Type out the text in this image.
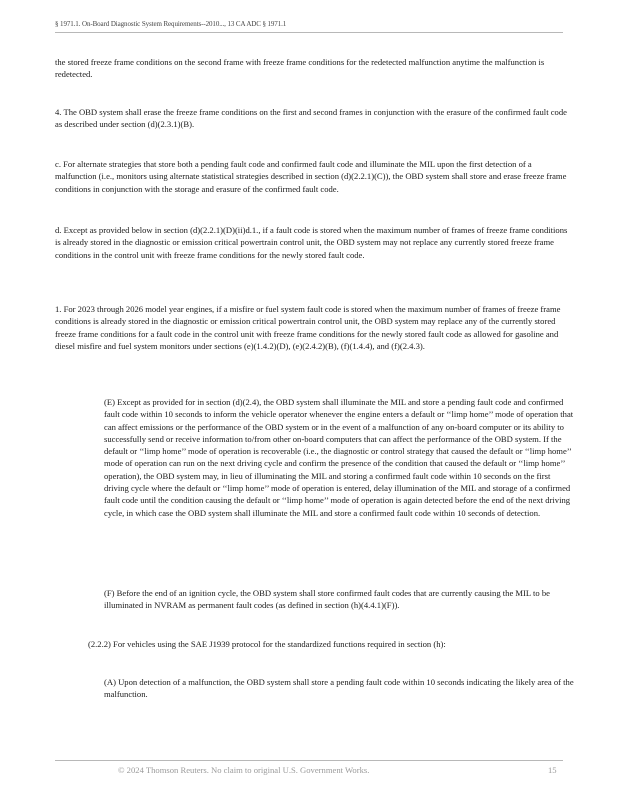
§ 1971.1. On-Board Diagnostic System Requirements--2010..., 13 CA ADC § 1971.1

the stored freeze frame conditions on the second frame with freeze frame conditions for the redetected malfunction anytime the malfunction is redetected.

4. The OBD system shall erase the freeze frame conditions on the first and second frames in conjunction with the erasure of the confirmed fault code as described under section (d)(2.3.1)(B).

c. For alternate strategies that store both a pending fault code and confirmed fault code and illuminate the MIL upon the first detection of a malfunction (i.e., monitors using alternate statistical strategies described in section (d)(2.2.1)(C)), the OBD system shall store and erase freeze frame conditions in conjunction with the storage and erasure of the confirmed fault code.

d. Except as provided below in section (d)(2.2.1)(D)(ii)d.1., if a fault code is stored when the maximum number of frames of freeze frame conditions is already stored in the diagnostic or emission critical powertrain control unit, the OBD system may not replace any currently stored freeze frame conditions in the control unit with freeze frame conditions for the newly stored fault code.

1. For 2023 through 2026 model year engines, if a misfire or fuel system fault code is stored when the maximum number of frames of freeze frame conditions is already stored in the diagnostic or emission critical powertrain control unit, the OBD system may replace any of the currently stored freeze frame conditions for a fault code in the control unit with freeze frame conditions for the newly stored fault code as allowed for gasoline and diesel misfire and fuel system monitors under sections (e)(1.4.2)(D), (e)(2.4.2)(B), (f)(1.4.4), and (f)(2.4.3).

(E) Except as provided for in section (d)(2.4), the OBD system shall illuminate the MIL and store a pending fault code and confirmed fault code within 10 seconds to inform the vehicle operator whenever the engine enters a default or ‘‘limp home’’ mode of operation that can affect emissions or the performance of the OBD system or in the event of a malfunction of any on-board computer or its ability to successfully send or receive information to/from other on-board computers that can affect the performance of the OBD system. If the default or ‘‘limp home’’ mode of operation is recoverable (i.e., the diagnostic or control strategy that caused the default or ‘‘limp home’’ mode of operation can run on the next driving cycle and confirm the presence of the condition that caused the default or ‘‘limp home’’ operation), the OBD system may, in lieu of illuminating the MIL and storing a confirmed fault code within 10 seconds on the first driving cycle where the default or ‘‘limp home’’ mode of operation is entered, delay illumination of the MIL and storage of a confirmed fault code until the condition causing the default or ‘‘limp home’’ mode of operation is again detected before the end of the next driving cycle, in which case the OBD system shall illuminate the MIL and store a confirmed fault code within 10 seconds of detection.

(F) Before the end of an ignition cycle, the OBD system shall store confirmed fault codes that are currently causing the MIL to be illuminated in NVRAM as permanent fault codes (as defined in section (h)(4.4.1)(F)).

(2.2.2) For vehicles using the SAE J1939 protocol for the standardized functions required in section (h):

(A) Upon detection of a malfunction, the OBD system shall store a pending fault code within 10 seconds indicating the likely area of the malfunction.

© 2024 Thomson Reuters. No claim to original U.S. Government Works.	15
